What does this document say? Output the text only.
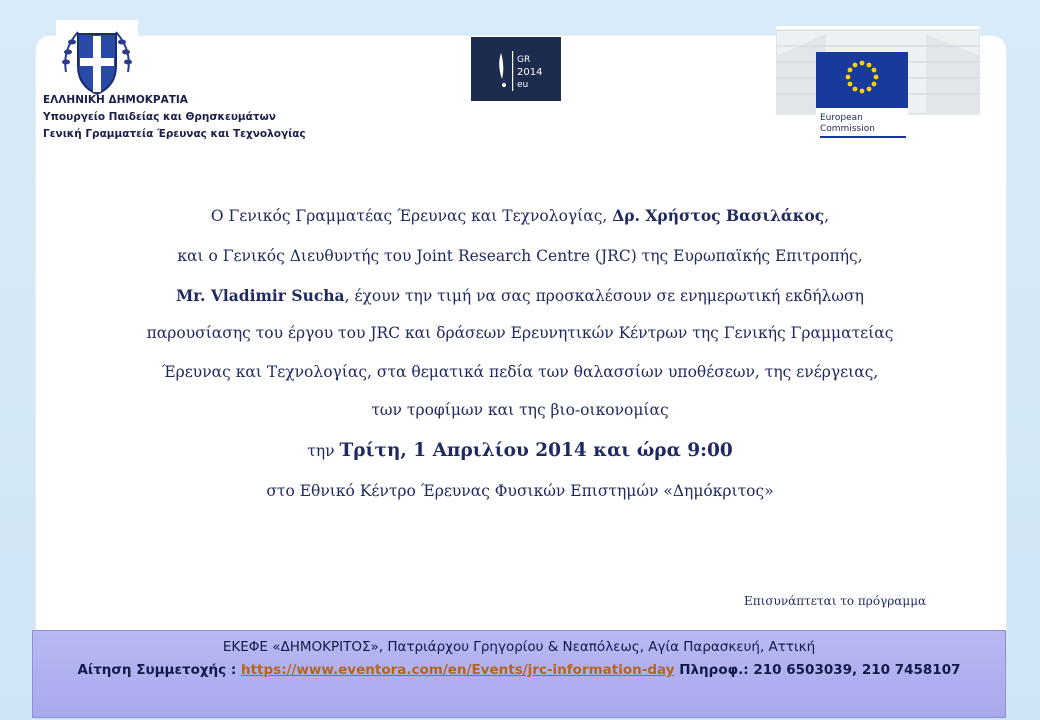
ΕΛΛΗΝΙΚΗ ΔΗΜΟΚΡΑΤΙΑ
Υπουργείο Παιδείας και Θρησκευμάτων
Γενική Γραμματεία Έρευνας και Τεχνολογίας
GR
2014
eu
European
Commission
Ο Γενικός Γραμματέας Έρευνας και Τεχνολογίας, Δρ. Χρήστος Βασιλάκος,
και ο Γενικός Διευθυντής του Joint Research Centre (JRC) της Ευρωπαϊκής Επιτροπής,
Mr. Vladimir Sucha, έχουν την τιμή να σας προσκαλέσουν σε ενημερωτική εκδήλωση
παρουσίασης του έργου του JRC και δράσεων Ερευνητικών Κέντρων της Γενικής Γραμματείας
Έρευνας και Τεχνολογίας, στα θεματικά πεδία των θαλασσίων υποθέσεων, της ενέργειας,
των τροφίμων και της βιο-οικονομίας
την Τρίτη, 1 Απριλίου 2014 και ώρα 9:00
στο Εθνικό Κέντρο Έρευνας Φυσικών Επιστημών «Δημόκριτος»
Επισυνάπτεται το πρόγραμμα
ΕΚΕΦΕ «ΔΗΜΟΚΡΙΤΟΣ», Πατριάρχου Γρηγορίου & Νεαπόλεως, Αγία Παρασκευή, Αττική
Αίτηση Συμμετοχής : https://www.eventora.com/en/Events/jrc-information-day Πληροφ.: 210 6503039, 210 7458107
